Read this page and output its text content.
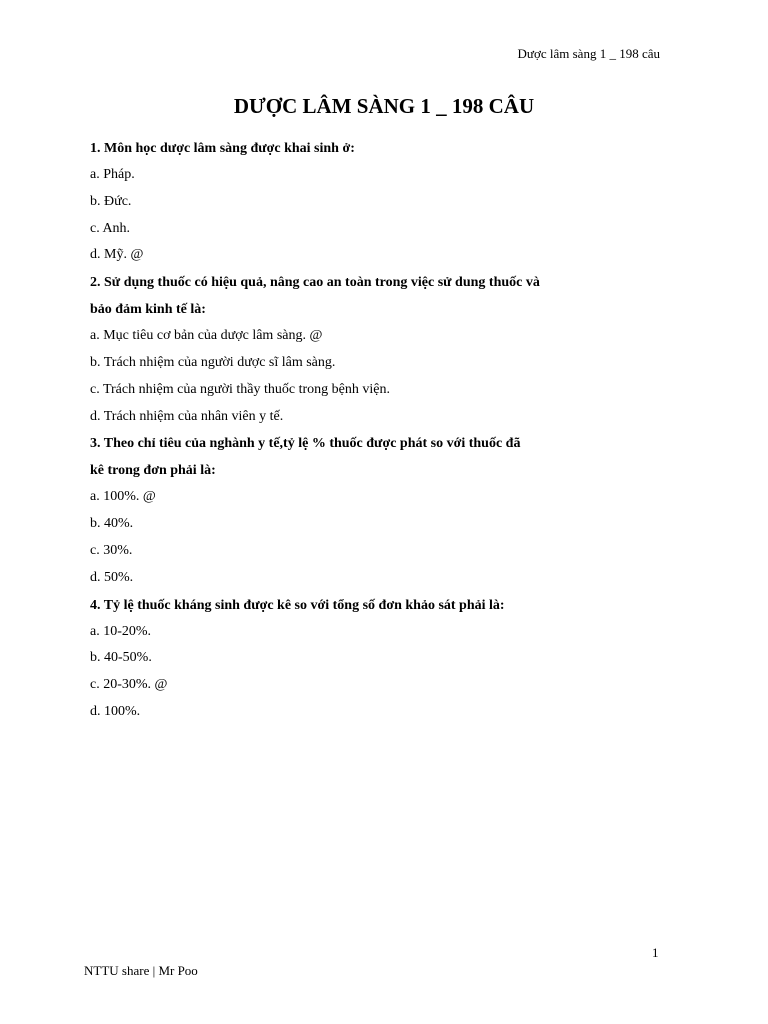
Dược lâm sàng 1 _ 198 câu
DƯỢC LÂM SÀNG 1 _ 198 CÂU
1. Môn học dược lâm sàng được khai sinh ở:
a. Pháp.
b. Đức.
c. Anh.
d. Mỹ. @
2. Sử dụng thuốc có hiệu quả, nâng cao an toàn trong việc sử dung thuốc và
bảo đảm kinh tế là:
a. Mục tiêu cơ bản của dược lâm sàng. @
b. Trách nhiệm của người dược sĩ lâm sàng.
c. Trách nhiệm của người thầy thuốc trong bệnh viện.
d. Trách nhiệm của nhân viên y tế.
3. Theo chỉ tiêu của nghành y tế,tỷ lệ % thuốc được phát so với thuốc đã
kê trong đơn phải là:
a. 100%. @
b. 40%.
c. 30%.
d. 50%.
4. Tỷ lệ thuốc kháng sinh được kê so với tổng số đơn khảo sát phải là:
a. 10-20%.
b. 40-50%.
c. 20-30%. @
d. 100%.
1
NTTU share | Mr Poo
